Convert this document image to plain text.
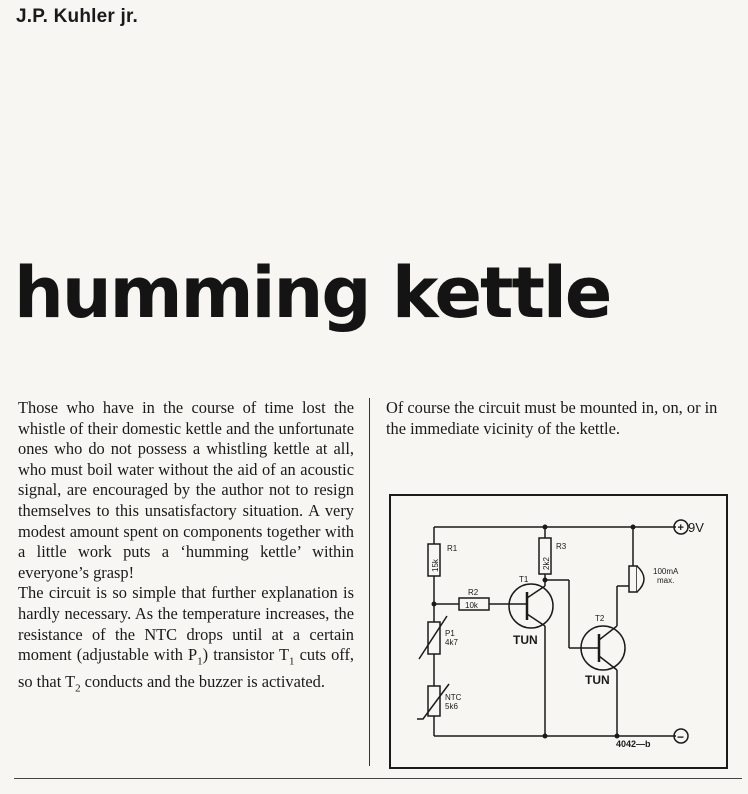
J.P. Kuhler jr.
humming kettle

Those who have in the course of time lost the whistle of their domestic kettle and the unfortunate ones who do not possess a whistling kettle at all, who must boil water without the aid of an acoustic signal, are encouraged by the author not to resign themselves to this unsatisfactory situation. A very modest amount spent on components together with a little work puts a ‘humming kettle’ within everyone’s grasp!

The circuit is so simple that further explanation is hardly necessary. As the temperature increases, the resistance of the NTC drops until at a certain moment (adjustable with $P_1$) transistor $T_1$ cuts off, so that $T_2$ conducts and the buzzer is activated.

Of course the circuit must be mounted in, on, or in the immediate vicinity of the kettle.

9V
+
−
R1
15k
R2
10k
R3
2k2
P1
4k7
NTC
5k6
T1
TUN
T2
TUN
100mA
max.
4042—b
